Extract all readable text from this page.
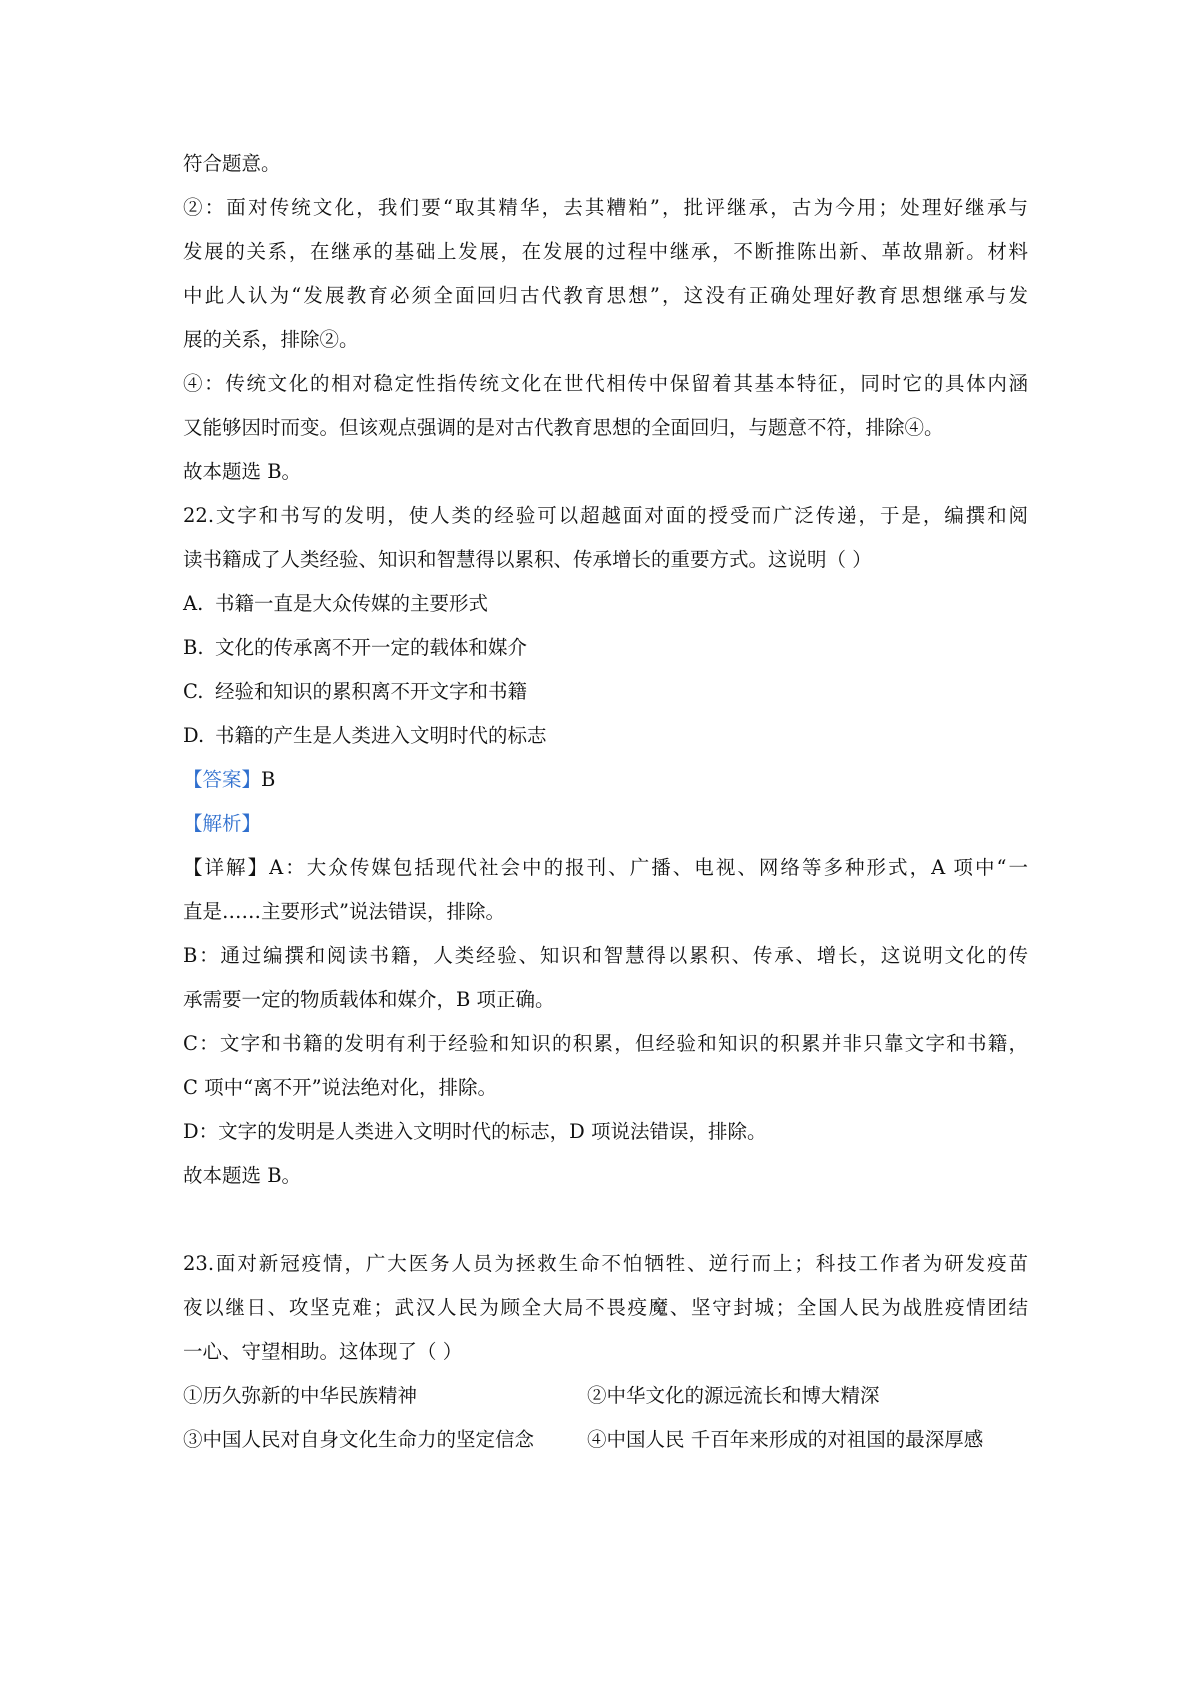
符合题意。
②：面对传统文化，我们要“取其精华，去其糟粕”，批评继承，古为今用；处理好继承与
发展的关系，在继承的基础上发展，在发展的过程中继承，不断推陈出新、革故鼎新。材料
中此人认为“发展教育必须全面回归古代教育思想”，这没有正确处理好教育思想继承与发
展的关系，排除②。
④：传统文化的相对稳定性指传统文化在世代相传中保留着其基本特征，同时它的具体内涵
又能够因时而变。但该观点强调的是对古代教育思想的全面回归，与题意不符，排除④。
故本题选 B。
22.文字和书写的发明，使人类的经验可以超越面对面的授受而广泛传递，于是，编撰和阅
读书籍成了人类经验、知识和智慧得以累积、传承增长的重要方式。这说明（ ）
A. 书籍一直是大众传媒的主要形式
B. 文化的传承离不开一定的载体和媒介
C. 经验和知识的累积离不开文字和书籍
D. 书籍的产生是人类进入文明时代的标志
【答案】B
【解析】
【详解】A：大众传媒包括现代社会中的报刊、广播、电视、网络等多种形式，A 项中“一
直是……主要形式”说法错误，排除。
B：通过编撰和阅读书籍，人类经验、知识和智慧得以累积、传承、增长，这说明文化的传
承需要一定的物质载体和媒介，B 项正确。
C：文字和书籍的发明有利于经验和知识的积累，但经验和知识的积累并非只靠文字和书籍，
C 项中“离不开”说法绝对化，排除。
D：文字的发明是人类进入文明时代的标志，D 项说法错误，排除。
故本题选 B。
23.面对新冠疫情，广大医务人员为拯救生命不怕牺牲、逆行而上；科技工作者为研发疫苗
夜以继日、攻坚克难；武汉人民为顾全大局不畏疫魔、坚守封城；全国人民为战胜疫情团结
一心、守望相助。这体现了（ ）
①历久弥新的中华民族精神	②中华文化的源远流长和博大精深
③中国人民对自身文化生命力的坚定信念	④中国人民 千百年来形成的对祖国的最深厚感
